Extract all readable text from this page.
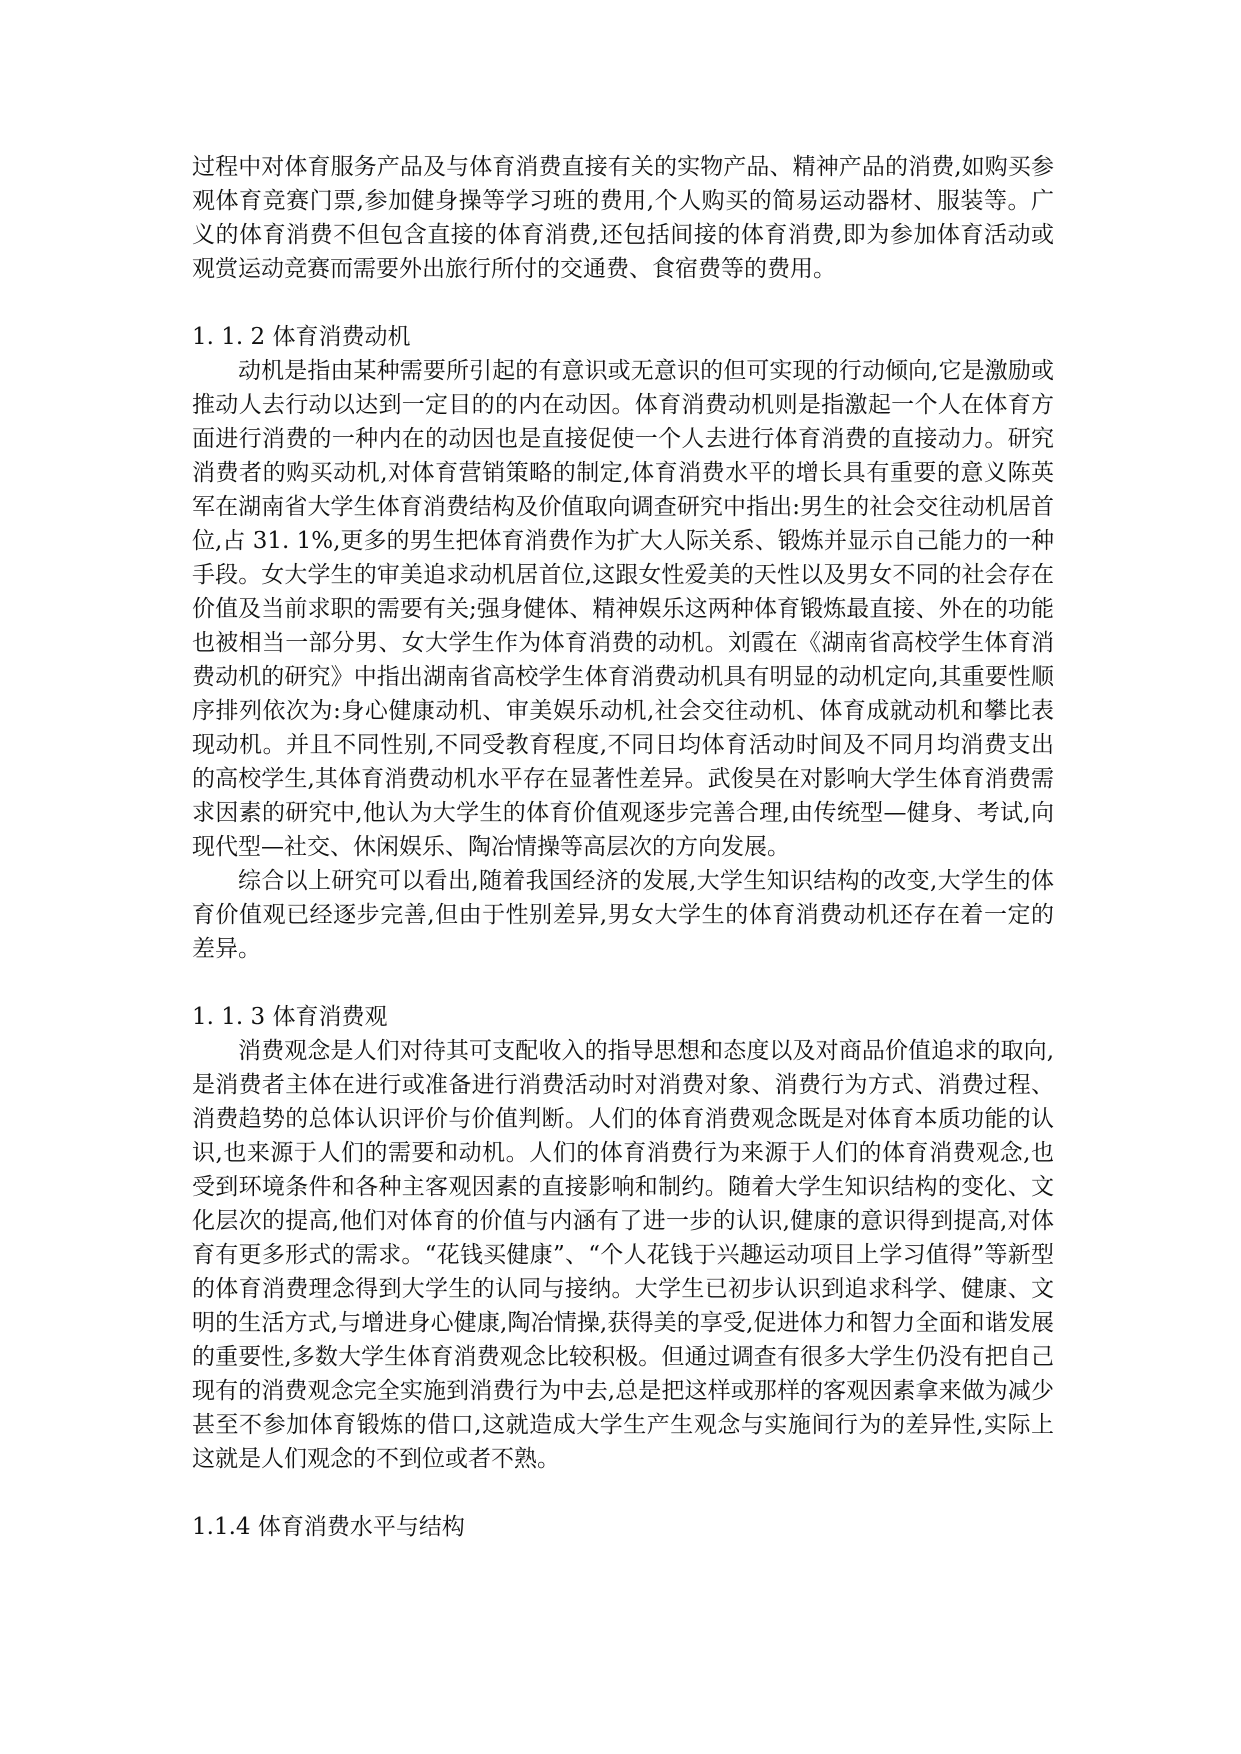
过程中对体育服务产品及与体育消费直接有关的实物产品、精神产品的消费,如购买参观体育竞赛门票,参加健身操等学习班的费用,个人购买的简易运动器材、服装等。广义的体育消费不但包含直接的体育消费,还包括间接的体育消费,即为参加体育活动或观赏运动竞赛而需要外出旅行所付的交通费、食宿费等的费用。

1. 1. 2 体育消费动机

动机是指由某种需要所引起的有意识或无意识的但可实现的行动倾向,它是激励或推动人去行动以达到一定目的的内在动因。体育消费动机则是指激起一个人在体育方面进行消费的一种内在的动因也是直接促使一个人去进行体育消费的直接动力。研究消费者的购买动机,对体育营销策略的制定,体育消费水平的增长具有重要的意义陈英军在湖南省大学生体育消费结构及价值取向调查研究中指出:男生的社会交往动机居首位,占 31. 1%,更多的男生把体育消费作为扩大人际关系、锻炼并显示自己能力的一种手段。女大学生的审美追求动机居首位,这跟女性爱美的天性以及男女不同的社会存在价值及当前求职的需要有关;强身健体、精神娱乐这两种体育锻炼最直接、外在的功能也被相当一部分男、女大学生作为体育消费的动机。刘霞在《湖南省高校学生体育消费动机的研究》中指出湖南省高校学生体育消费动机具有明显的动机定向,其重要性顺序排列依次为:身心健康动机、审美娱乐动机,社会交往动机、体育成就动机和攀比表现动机。并且不同性别,不同受教育程度,不同日均体育活动时间及不同月均消费支出的高校学生,其体育消费动机水平存在显著性差异。武俊昊在对影响大学生体育消费需求因素的研究中,他认为大学生的体育价值观逐步完善合理,由传统型—健身、考试,向现代型—社交、休闲娱乐、陶冶情操等高层次的方向发展。

综合以上研究可以看出,随着我国经济的发展,大学生知识结构的改变,大学生的体育价值观已经逐步完善,但由于性别差异,男女大学生的体育消费动机还存在着一定的差异。

1. 1. 3 体育消费观

消费观念是人们对待其可支配收入的指导思想和态度以及对商品价值追求的取向,是消费者主体在进行或准备进行消费活动时对消费对象、消费行为方式、消费过程、消费趋势的总体认识评价与价值判断。人们的体育消费观念既是对体育本质功能的认识,也来源于人们的需要和动机。人们的体育消费行为来源于人们的体育消费观念,也受到环境条件和各种主客观因素的直接影响和制约。随着大学生知识结构的变化、文化层次的提高,他们对体育的价值与内涵有了进一步的认识,健康的意识得到提高,对体育有更多形式的需求。“花钱买健康”、“个人花钱于兴趣运动项目上学习值得”等新型的体育消费理念得到大学生的认同与接纳。大学生已初步认识到追求科学、健康、文明的生活方式,与增进身心健康,陶冶情操,获得美的享受,促进体力和智力全面和谐发展的重要性,多数大学生体育消费观念比较积极。但通过调查有很多大学生仍没有把自己现有的消费观念完全实施到消费行为中去,总是把这样或那样的客观因素拿来做为减少甚至不参加体育锻炼的借口,这就造成大学生产生观念与实施间行为的差异性,实际上这就是人们观念的不到位或者不熟。

1.1.4 体育消费水平与结构
